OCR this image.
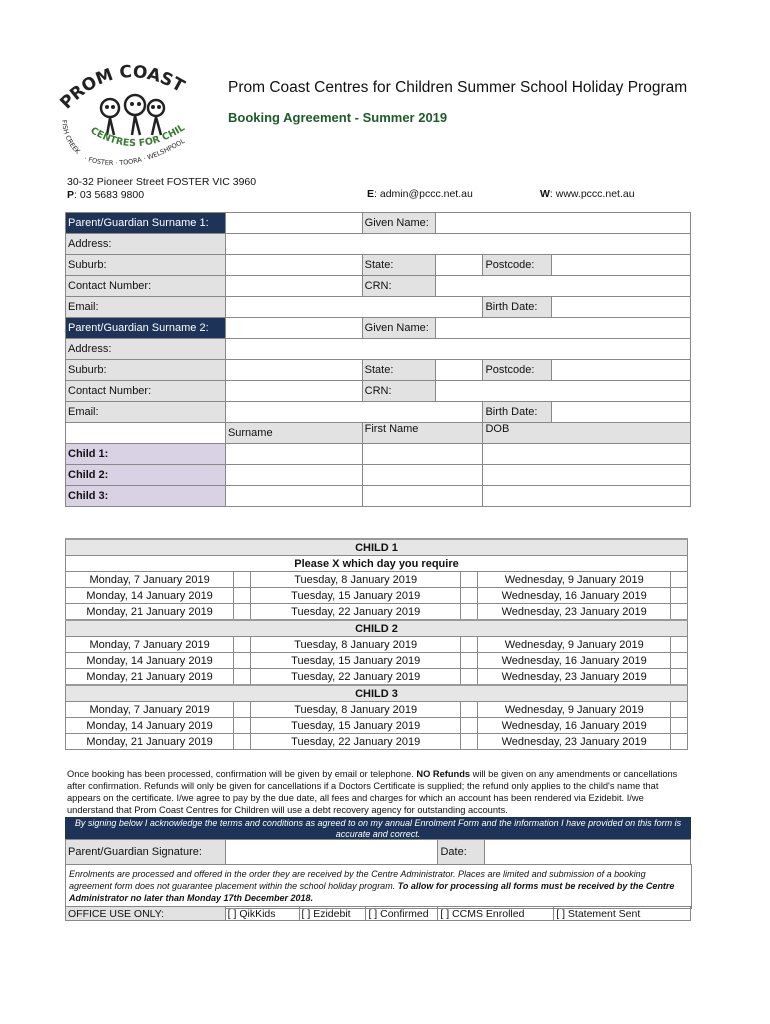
PROM COAST
CENTRES FOR CHIL
FISH CREEK
· FOSTER · TOORA · WELSHPOOL
Prom Coast Centres for Children Summer School Holiday Program
Booking Agreement - Summer 2019
30-32 Pioneer Street FOSTER VIC 3960
P: 03 5683 9800	E: admin@pccc.net.au	W: www.pccc.net.au
Parent/Guardian Surname 1:		Given Name:			
Address:					
Suburb:		State:		Postcode:	
Contact Number:		CRN:			
Email:				Birth Date:	
Parent/Guardian Surname 2:		Given Name:			
Address:					
Suburb:		State:		Postcode:	
Contact Number:		CRN:			
Email:				Birth Date:	
	Surname	First Name		DOB	
Child 1:					
Child 2:					
Child 3:					
CHILD 1					
Please X which day you require					
Monday, 7 January 2019		Tuesday, 8 January 2019		Wednesday, 9 January 2019	
Monday, 14 January 2019		Tuesday, 15 January 2019		Wednesday, 16 January 2019	
Monday, 21 January 2019		Tuesday, 22 January 2019		Wednesday, 23 January 2019	
CHILD 2					
Monday, 7 January 2019		Tuesday, 8 January 2019		Wednesday, 9 January 2019	
Monday, 14 January 2019		Tuesday, 15 January 2019		Wednesday, 16 January 2019	
Monday, 21 January 2019		Tuesday, 22 January 2019		Wednesday, 23 January 2019	
CHILD 3					
Monday, 7 January 2019		Tuesday, 8 January 2019		Wednesday, 9 January 2019	
Monday, 14 January 2019		Tuesday, 15 January 2019		Wednesday, 16 January 2019	
Monday, 21 January 2019		Tuesday, 22 January 2019		Wednesday, 23 January 2019	
Once booking has been processed, confirmation will be given by email or telephone. NO Refunds will be given on any amendments or cancellations after confirmation. Refunds will only be given for cancellations if a Doctors Certificate is supplied; the refund only applies to the child's name that appears on the certificate. I/we agree to pay by the due date, all fees and charges for which an account has been rendered via Ezidebit. I/we understand that Prom Coast Centres for Children will use a debt recovery agency for outstanding accounts.
By signing below I acknowledge the terms and conditions as agreed to on my annual Enrolment Form and the information I have provided on this form is accurate and correct.
Parent/Guardian Signature:		Date:	
Enrolments are processed and offered in the order they are received by the Centre Administrator. Places are limited and submission of a booking agreement form does not guarantee placement within the school holiday program. To allow for processing all forms must be received by the Centre Administrator no later than Monday 17th December 2018.
OFFICE USE ONLY:	[ ] QikKids	[ ] Ezidebit	[ ] Confirmed	[ ] CCMS Enrolled	[ ] Statement Sent
